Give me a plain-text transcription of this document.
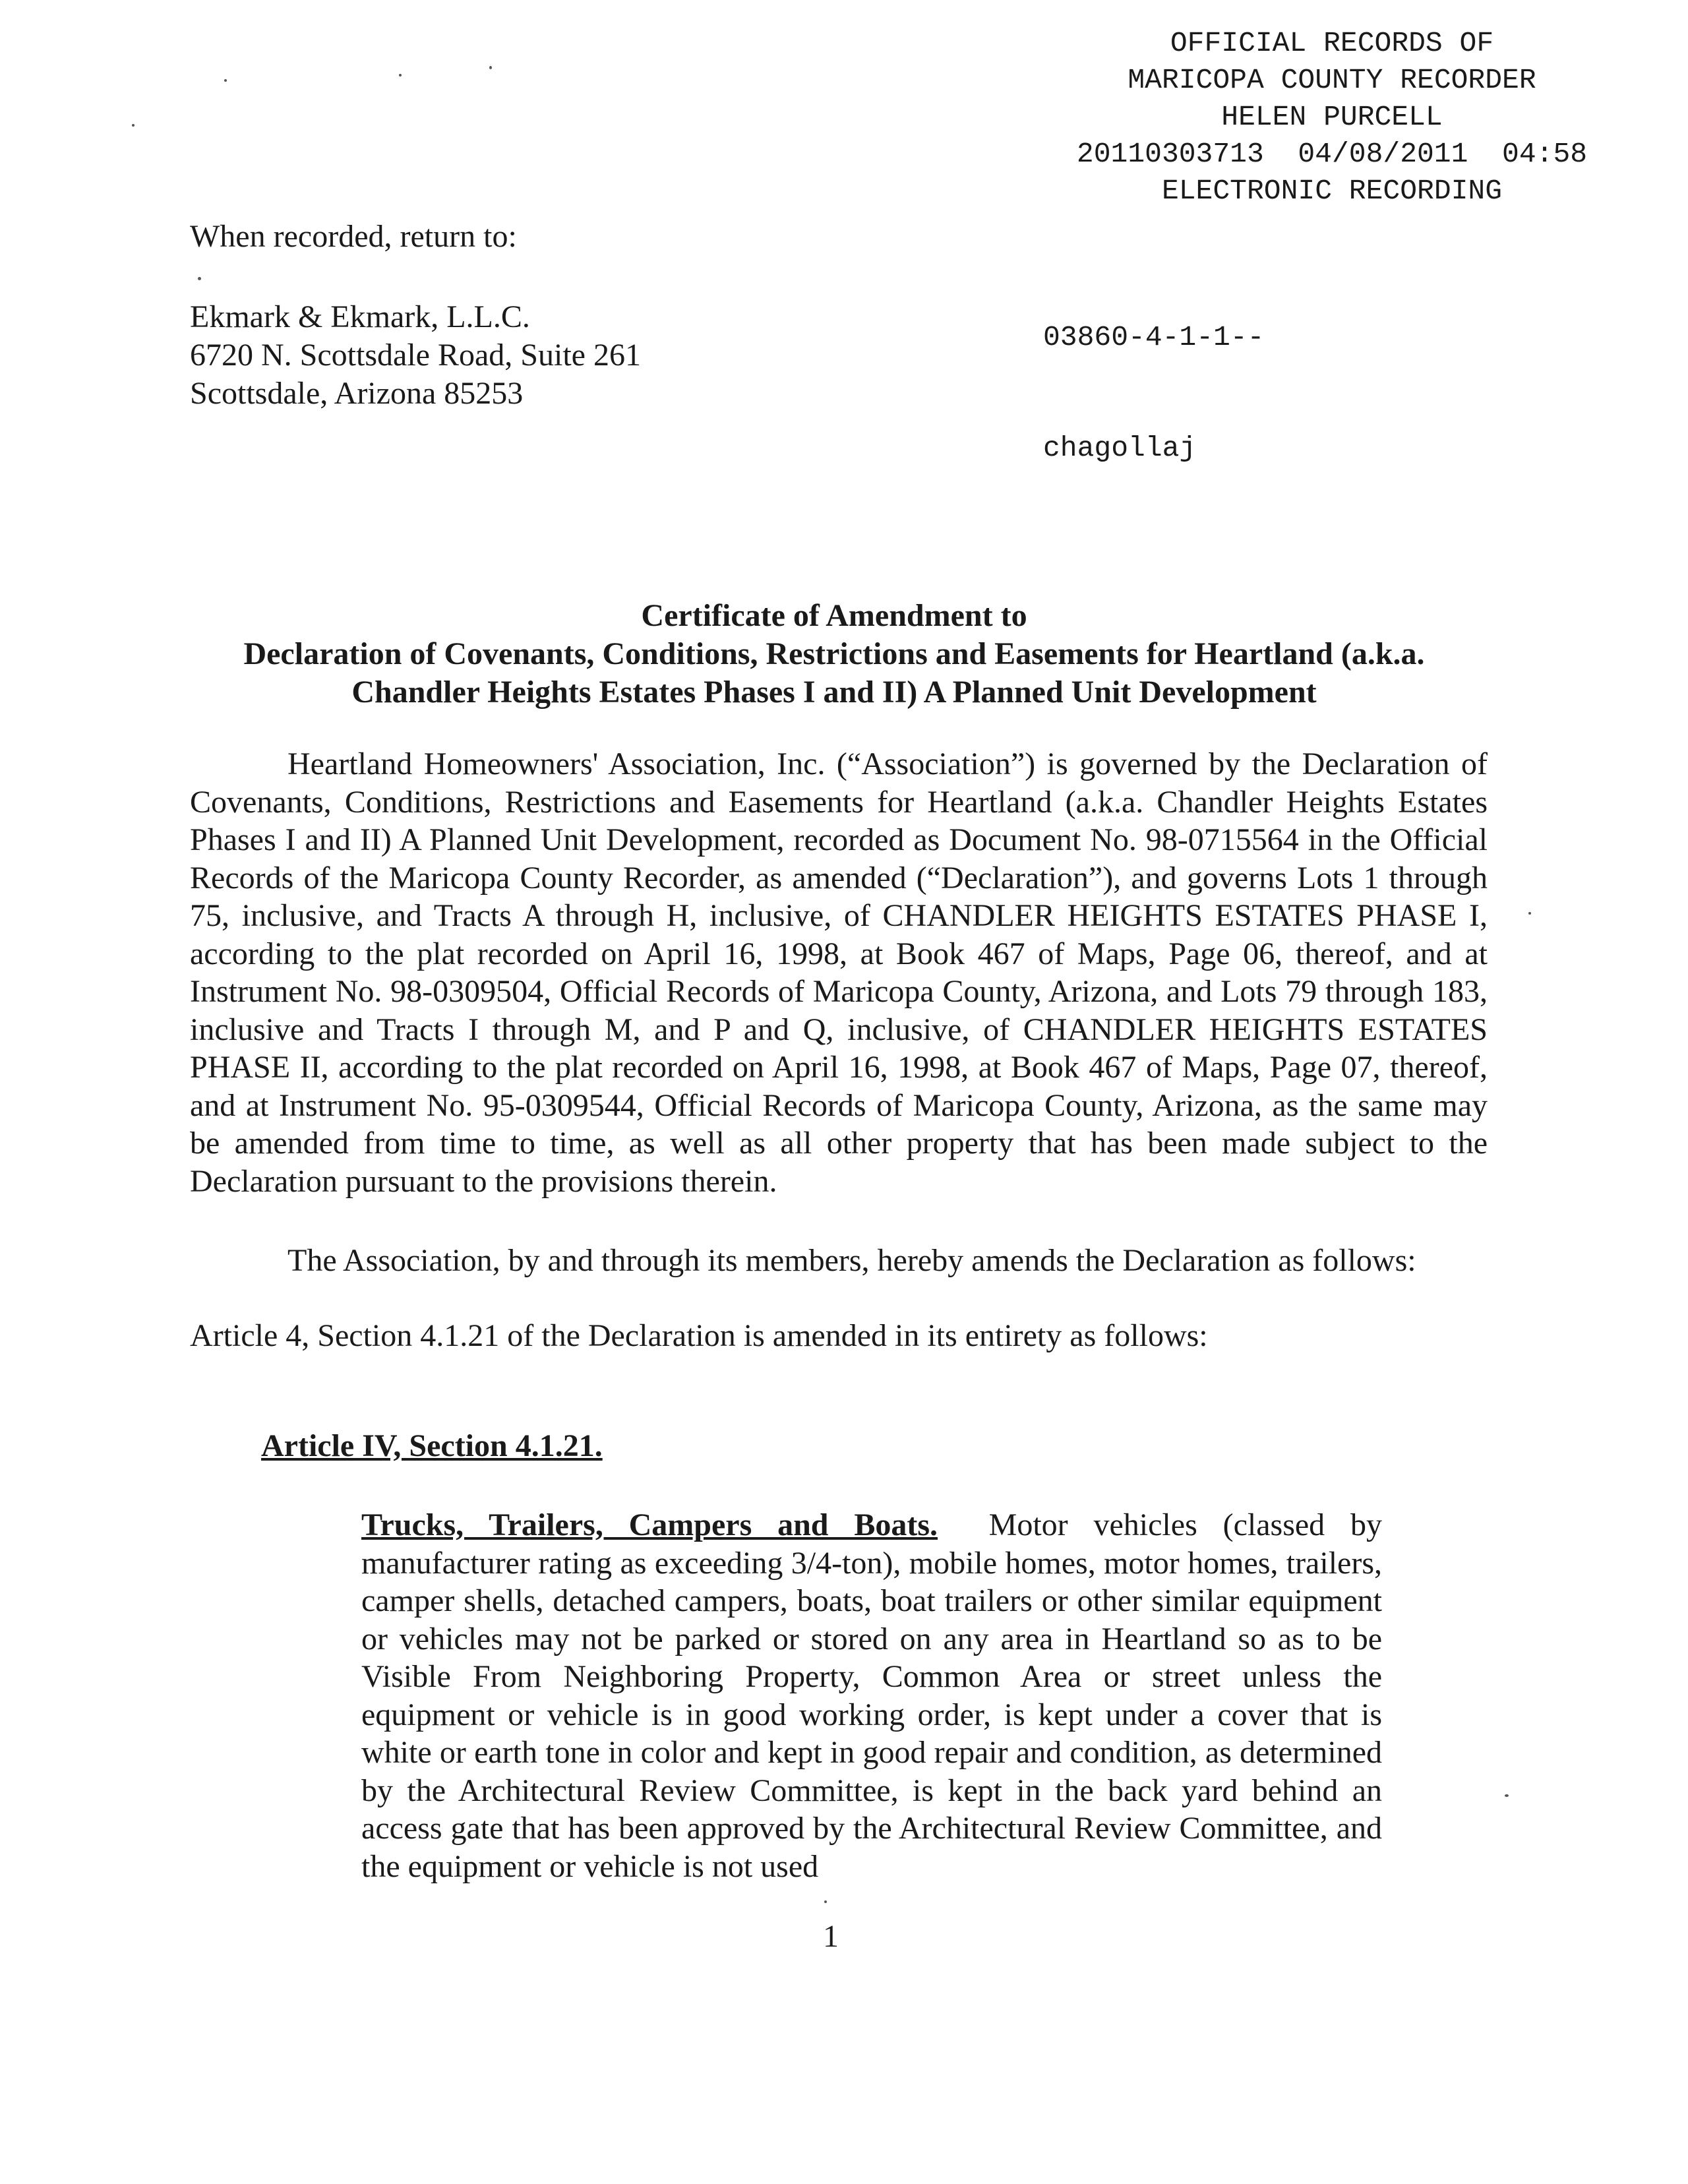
OFFICIAL RECORDS OF
MARICOPA COUNTY RECORDER
HELEN PURCELL
20110303713  04/08/2011  04:58
ELECTRONIC RECORDING

03860-4-1-1--

chagollaj

When recorded, return to:
Ekmark & Ekmark, L.L.C.
6720 N. Scottsdale Road, Suite 261
Scottsdale, Arizona 85253
Certificate of Amendment to
Declaration of Covenants, Conditions, Restrictions and Easements for Heartland (a.k.a.
Chandler Heights Estates Phases I and II) A Planned Unit Development
Heartland Homeowners' Association, Inc. (“Association”) is governed by the Declaration of Covenants, Conditions, Restrictions and Easements for Heartland (a.k.a. Chandler Heights Estates Phases I and II) A Planned Unit Development, recorded as Document No. 98-0715564 in the Official Records of the Maricopa County Recorder, as amended (“Declaration”), and governs Lots 1 through 75, inclusive, and Tracts A through H, inclusive, of CHANDLER HEIGHTS ESTATES PHASE I, according to the plat recorded on April 16, 1998, at Book 467 of Maps, Page 06, thereof, and at Instrument No. 98-0309504, Official Records of Maricopa County, Arizona, and Lots 79 through 183, inclusive and Tracts I through M, and P and Q, inclusive, of CHANDLER HEIGHTS ESTATES PHASE II, according to the plat recorded on April 16, 1998, at Book 467 of Maps, Page 07, thereof, and at Instrument No. 95-0309544, Official Records of Maricopa County, Arizona, as the same may be amended from time to time, as well as all other property that has been made subject to the Declaration pursuant to the provisions therein.
The Association, by and through its members, hereby amends the Declaration as follows:
Article 4, Section 4.1.21 of the Declaration is amended in its entirety as follows:
Article IV, Section 4.1.21.
Trucks, Trailers, Campers and Boats. Motor vehicles (classed by manufacturer rating as exceeding 3/4-ton), mobile homes, motor homes, trailers, camper shells, detached campers, boats, boat trailers or other similar equipment or vehicles may not be parked or stored on any area in Heartland so as to be Visible From Neighboring Property, Common Area or street unless the equipment or vehicle is in good working order, is kept under a cover that is white or earth tone in color and kept in good repair and condition, as determined by the Architectural Review Committee, is kept in the back yard behind an access gate that has been approved by the Architectural Review Committee, and the equipment or vehicle is not used
1
